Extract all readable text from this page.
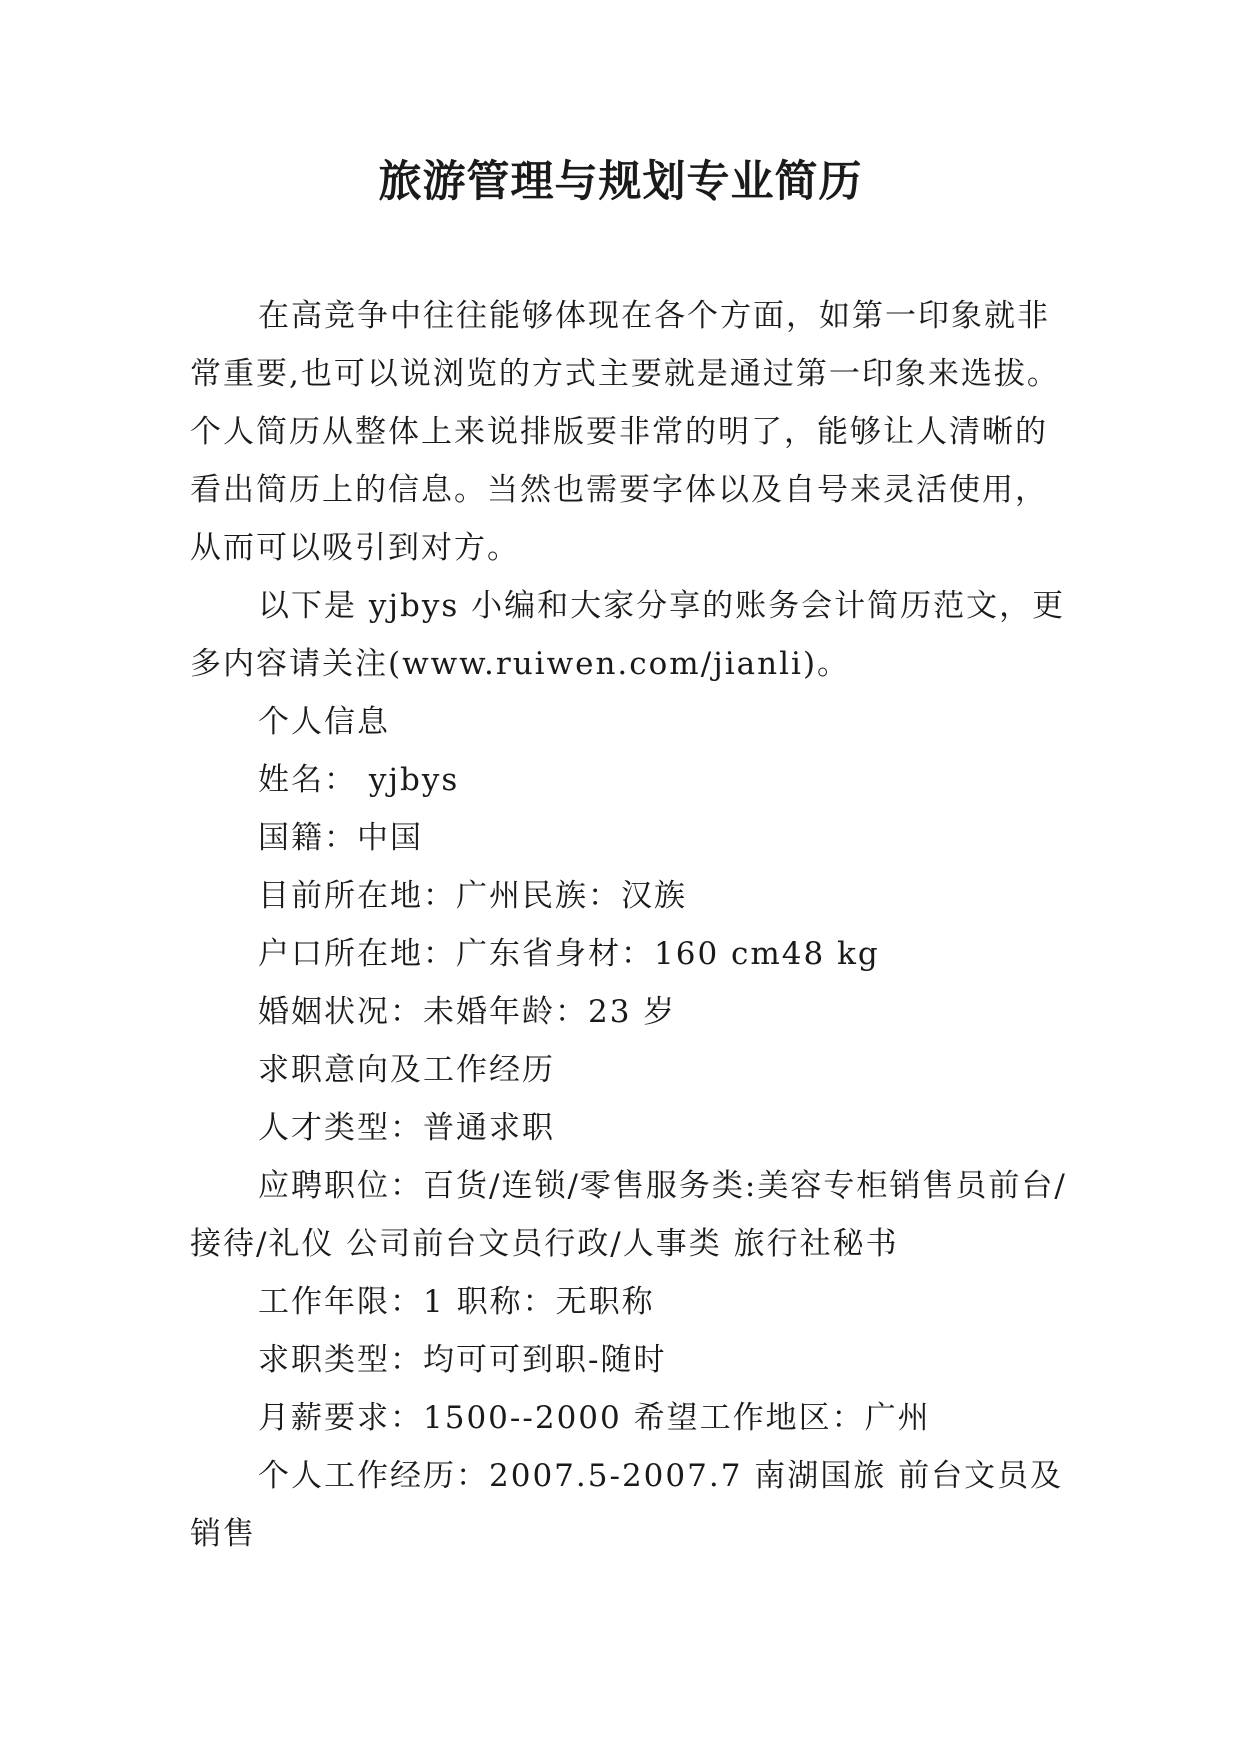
旅游管理与规划专业简历

在高竞争中往往能够体现在各个方面，如第一印象就非常重要,也可以说浏览的方式主要就是通过第一印象来选拔。个人简历从整体上来说排版要非常的明了，能够让人清晰的看出简历上的信息。当然也需要字体以及自号来灵活使用，从而可以吸引到对方。

以下是 yjbys 小编和大家分享的账务会计简历范文，更多内容请关注(www.ruiwen.com/jianli)。

个人信息

姓名： yjbys

国籍：中国

目前所在地：广州民族：汉族

户口所在地：广东省身材：160 cm48 kg

婚姻状况：未婚年龄：23 岁

求职意向及工作经历

人才类型：普通求职

应聘职位：百货/连锁/零售服务类:美容专柜销售员前台/接待/礼仪 公司前台文员行政/人事类 旅行社秘书

工作年限：1 职称：无职称

求职类型：均可可到职-随时

月薪要求：1500--2000 希望工作地区：广州

个人工作经历：2007.5-2007.7 南湖国旅 前台文员及销售
